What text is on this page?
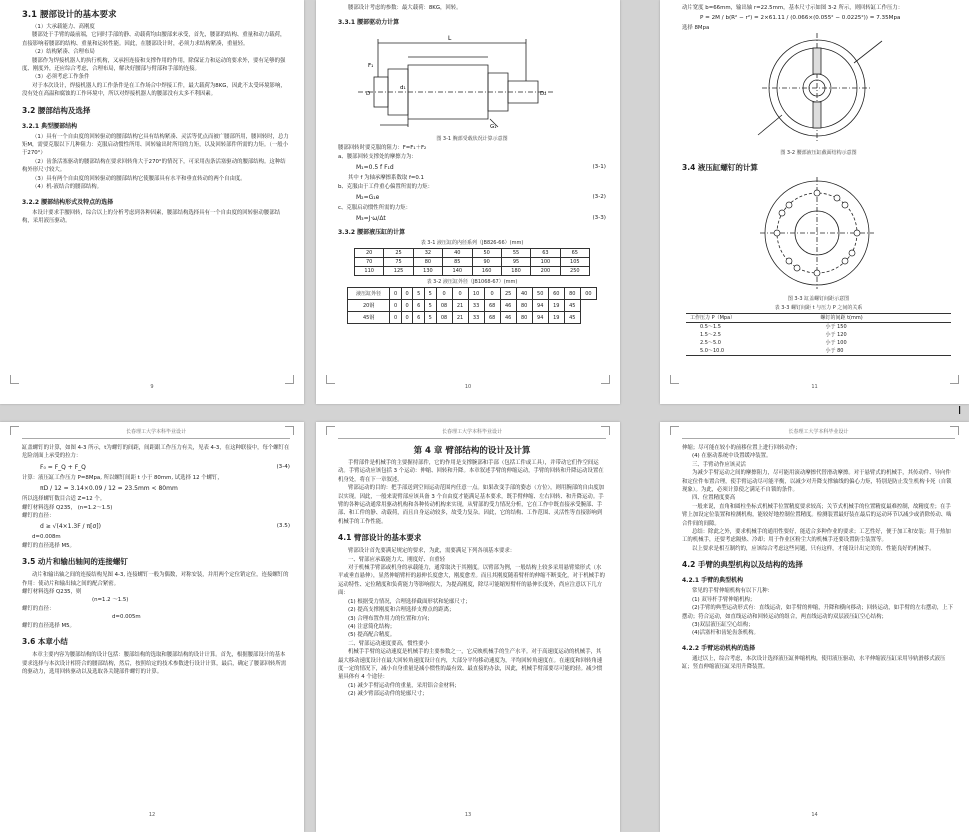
3.1 腰部设计的基本要求

（1）大承载能力、高刚度

腰部处于手臂的最前端，它同时手部的静、动载荷均由腰部来承受，首先，腰部的结构、重量和动力载荷，直接影响着腰部的结构、重量和运转性能。因此，在腰部设计时，必须力求结构紧凑，重量轻。

（2）结构紧凑、合理布局

腰部作为焊接机器人的执行机构，又承担连接和支撑作用的作用，除保证力和运动的要求外，要有足够的强度、刚度外，还应综合考虑，合理布局，解决好腰部与臂部和手部的连接。

（3）必须考虑工作条件

对于本次设计，焊接机器人的工作条件是在工作场合中焊接工件，最大载荷为8KG，因此不太受环境影响，没有处在高温和腐蚀的工作环境中，所以对焊接机器人的腰部没有太多不利因素。

3.2 腰部结构及选择
3.2.1 典型腰部结构

（1）具有一个自由度的回转驱动的腰部结构它具有结构紧凑、灵活等优点而被广腰部所用，腰回转时，总力矩M，需要克服以下几种阻力：克服启动惯性所用、回转输出时所用的力矩，以及回转部件所需的力矩。（一般小于270°）

（2）齿条活塞驱动的腰部结构在要求回转角大于270°的情况下，可采用齿条活塞驱动的腰部结构。这种结构外形尺寸较大。

（3）具有两个自由度的回转驱动的腰部结构它使腰部具有水平和垂直转动的两个自由度。

（4）机-液结合的腰部结构。

3.2.2 腰部结构形式及特点的选择

本设计要求手腰回转，综合以上的分析考虑到各种因素，腰部结构选择具有一个自由度的回转驱动腰部结构，采用液压驱动。

9

腰部设计考虑的参数：最大载荷：8KG，回转。

3.3.1 腰部驱动力计算
L
F₁
G₁
D
d₁
D₂
图 3-1 腕部受载状况计算示意图

腰部回转时要克服的阻力：F=F₁＋F₂

a、腰部回转支撑处的摩擦力为：

M₁=0.5 f F₁d	(3-1)

其中 f 为轴承摩擦系数取 f=0.1

b、克服由于工件重心偏置所需的力矩：

M₂=G₁e	(3-2)

c、克服启动惯性所需的力矩：

M₃=J·ω/Δt	(3-3)
3.3.2 腰部液压缸的计算
表 3-1 液压缸的内径系列（JB826-66）(mm)
20	25	32	40	50	55	63	65
70	75	80	85	90	95	100	105
110	125	130	140	160	180	200	250
表 3-2 液压缸外径（JB1068-67）(mm)
液压缸外径	0	0	5	5	0	0	10	0	25	40	50	60	80	00
20钢	0	0	6	5	08	21	33	68	46	80	94	19	45	
45钢	0	0	6	5	08	21	33	68	46	80	94	19	45	
10

动片宽度 b=66mm，输出轴 r=22.5mm，基本尺寸示如图 3-2 所示，则回转缸工作压力：

P = 2M / b(R² − r²) = 2×61.11 / (0.066×(0.055² − 0.0225²)) = 7.35Mpa

选择 8Mpa

图 3-2 腰部液压缸截面结构示意图
3.4 液压缸螺钉的计算
图 3-3 缸盖螺钉间距示意图
表 3-3 螺钉间距 t 与压力 P 之间的关系
工作压力 P（Mpa）	螺钉的间距 t(mm)
0.5～1.5	小于 150
1.5～2.5	小于 120
2.5～5.0	小于 100
5.0～10.0	小于 80
11
Ⅰ
长春理工大学本科毕业设计

缸盖螺钉的计算，如图 4-3 所示，t为螺钉的间距，间距跟工作压力有关，见表 4-3，在这种联接中，每个螺钉在危险剖面上承受的拉力：

F₀ = F_Q + F_Q	(3-4)

计算：液压缸工作压力 P=8Mpa, 所以螺钉间距 t 小于 80mm, 试选择 12 个螺钉，

πD / 12 = 3.14×0.09 / 12 = 23.5mm < 80mm

所以选择螺钉数目合适 Z=12 个。

螺钉材料选择 Q235， (n=1.2～1.5)

螺钉的直径：

d ≥ √(4×1.3F / π[σ])	(3.5)

d=0.008m

螺钉的直径选择 M5。

3.5 动片和输出轴间的连接螺钉

动片和输出轴之间的连接结构见图 4-3, 连接螺钉一般为偶数，对称安装，并用两个定位销定位，连接螺钉的作用：使动片和输出轴之间的配合紧密。

螺钉材料选择 Q235，则

(n=1.2 ～1.5)

螺钉的直径：

d=0.005m

螺钉的直径选择 M5。

3.6 本章小结

本章主要内容为腰部结构的设计包括：腰部结构的选取和腰部结构的设计计算。首先，根据腰部设计的基本要求选择与本次设计相符合的腰部结构，然后，按照给定的技术参数进行设计计算，最后，确定了腰部回转所需的驱动力，选用回转驱动以及选取各关键部件螺钉的计算。

12
长春理工大学本科毕业设计
第 4 章 臂部结构的设计及计算

手臂部件是机械手的主要握持部件，它的作用是支撑腕部和手部（包括工件或工具），并带动它们作空间运动。手臂运动应该包括 3 个运动：伸缩、回转和升降。本章叙述手臂的伸缩运动，手臂的回转和升降运动设置在机身处，将在下一章叙述。

臂部运动的目的：把手部送到空间运动范围内任意一点。如果改变手部的姿态（方位），则用腕部的自由度加以实现。因此，一般来说臂部应该具备 3 个自由度才能满足基本要求，既手臂伸缩、左右回转、和升降运动。手臂的各种运动通常用驱动机构和各种传动机构来实现，从臂部的受力情况分析，它在工作中既直接承受腕部、手部、和工件的静、动载荷，而且自身运动较多，故受力复杂。因此，它的结构、工作范围、灵活性等直接影响到机械手的工作性能。

4.1 臂部设计的基本要求

臂部设计首先要满足规定的要求，为此，需要满足下列各项基本要求：

一、臂部应承载能力大、刚度好、自重轻

对于机械手臂部或机身的承载能力，通常取决于其刚度。以臂部为例，一般结构上较多采用悬臂梁形式（水平或垂直悬伸），显然伸缩臂杆的悬伸长度愈大，刚度愈差。而且其刚度随着臂杆的伸缩不断变化，对于机械手的运动特性、定位精度和负荷能力等影响很大，为提高刚度，除尽可能缩短臂杆的悬伸长度外，尚应注意以下几方面：

(1) 根据受力情况，合理选择截面形状和轮廓尺寸；

(2) 提高支撑刚度和合理选择支撑点的距离；

(3) 合理布置作用力的位置和方向；

(4) 注意简化结构；

(5) 提高配合精度。

二、臂部运动速度要高，惯性要小

机械手手臂的运动速度是机械手的主要参数之一，它反映机械手的生产水平。对于高速度运动的机械手，其最大移动速度设计在最大回转角速度设计在内，大部分平均移动速度为，平均回转角速度在。在速度和回转角速度一定的情况下，减小自身重量是减小惯性的最有效、最直接的办法，因此，机械手臂部要尽可能的轻。减少惯量具体有 4 个途径：

(1) 减少手臂运动件的重量，采用铝合金材料；

(2) 减少臂部运动件的轮廓尺寸；

13
长春理工大学本科毕业设计

伸缩；尽可能在较小的前移位置上进行回转动作；

(4) 在驱动系统中设置缓冲装置。

三、手臂动作应该灵活

为减少手臂运动之间的摩擦阻力，尽可能用滚动摩擦代替滑动摩擦。对于悬臂式的机械手，其传动件、导向件和定位件布置合理，使手臂运动尽可能平衡，以减少对升降支撑轴线的偏心力矩，特别是防止发生机构卡死（自锁现象）。为此，必须计算使之满足不自锁的条件。

四、位置精度要高

一般来说，直角和圆柱坐标式机械手位置精度要求较高；关节式机械手的位置精度最难控制，故精度差；在手臂上加设定位装置和检测机构，能较好地控制位置精度。检测装置最好装在最后的运动环节以减少或消除传动、啮合件间的间隙。

总结：除此之外，要求机械手的通用性要好，能适合多种作业的要求；工艺性好，便于加工和安装；用于热加工的机械手，还要考虑隔热、冷却；用于作业区粉尘大的机械手还要设置防尘装置等。

以上要求是相互制约的，应该综合考虑这些问题，只有这样，才能设计出完美的、性能良好的机械手。

4.2 手臂的典型机构以及结构的选择
4.2.1 手臂的典型机构

常见的手臂伸缩机构有以下几种：

(1) 双导杆手臂伸缩机构；

(2)手臂的典型运动形式有：直线运动，如手臂的伸缩，升降和横向移动；回转运动，如手臂的左右摆动，上下摆动；符合运动，如直线运动和回转运动的组合，两直线运动的双层液压缸空心结构；

(3)双层液压缸空心结构；

(4)活塞杆和齿轮齿条机构。

4.2.2 手臂运动机构的选择

通过以上，综合考虑，本次设计选择液压缸伸缩机构，使用液压驱动，水平伸缩液压缸采用导轨滑移式液压缸；竖直伸缩液压缸采用升降装置。

14
